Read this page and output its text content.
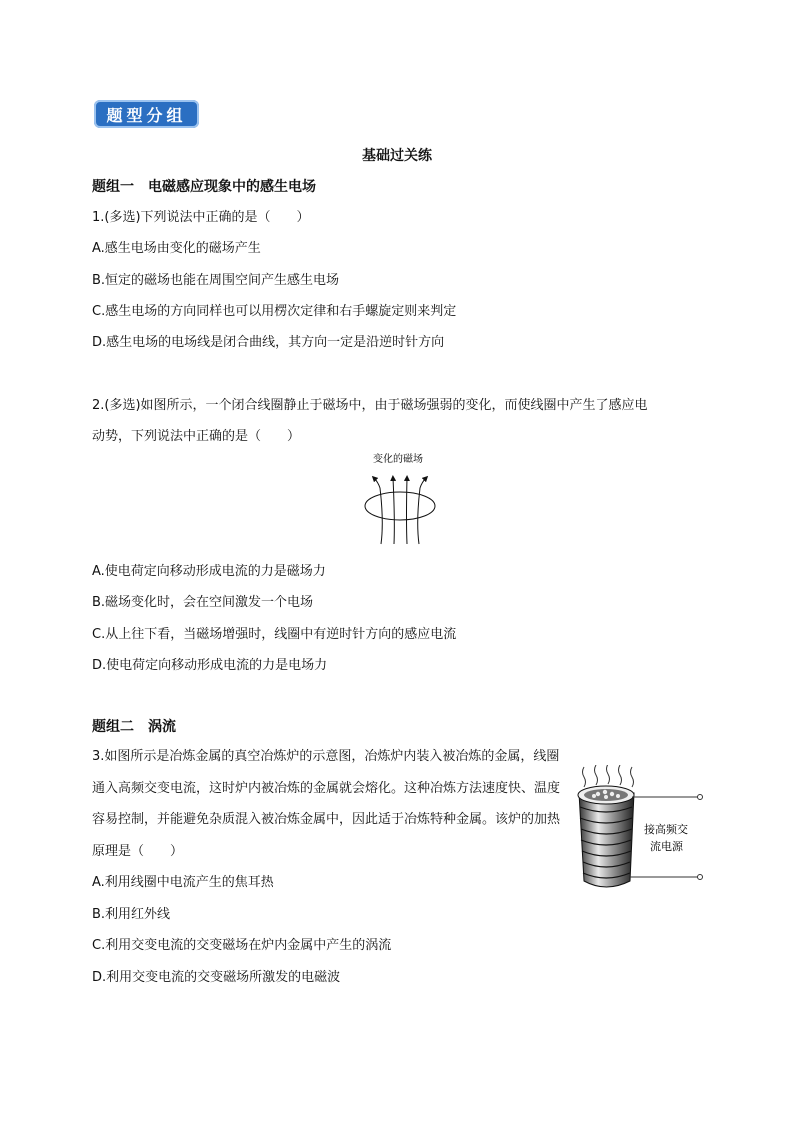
题型分组
基础过关练
题组一　电磁感应现象中的感生电场
1.(多选)下列说法中正确的是（　　）
A.感生电场由变化的磁场产生
B.恒定的磁场也能在周围空间产生感生电场
C.感生电场的方向同样也可以用楞次定律和右手螺旋定则来判定
D.感生电场的电场线是闭合曲线，其方向一定是沿逆时针方向
2.(多选)如图所示，一个闭合线圈静止于磁场中，由于磁场强弱的变化，而使线圈中产生了感应电
动势，下列说法中正确的是（　　）
变化的磁场
A.使电荷定向移动形成电流的力是磁场力
B.磁场变化时，会在空间激发一个电场
C.从上往下看，当磁场增强时，线圈中有逆时针方向的感应电流
D.使电荷定向移动形成电流的力是电场力
题组二　涡流
接高频交
流电源
3.如图所示是冶炼金属的真空冶炼炉的示意图，冶炼炉内装入被冶炼的金属，线圈通入高频交变电流，这时炉内被冶炼的金属就会熔化。这种冶炼方法速度快、温度容易控制，并能避免杂质混入被冶炼金属中，因此适于冶炼特种金属。该炉的加热原理是（　　）
A.利用线圈中电流产生的焦耳热
B.利用红外线
C.利用交变电流的交变磁场在炉内金属中产生的涡流
D.利用交变电流的交变磁场所激发的电磁波
